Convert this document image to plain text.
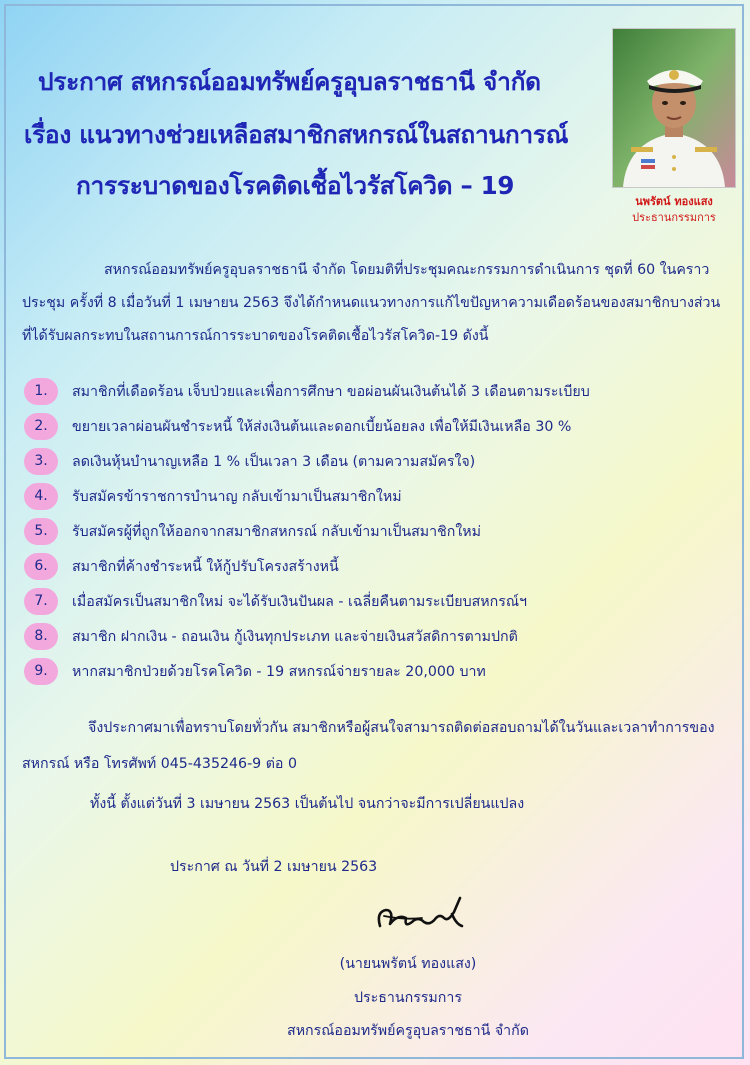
ประกาศ สหกรณ์ออมทรัพย์ครูอุบลราชธานี จำกัด
เรื่อง แนวทางช่วยเหลือสมาชิกสหกรณ์ในสถานการณ์
การระบาดของโรคติดเชื้อไวรัสโควิด – 19
นพรัตน์ ทองแสง
ประธานกรรมการ

สหกรณ์ออมทรัพย์ครูอุบลราชธานี จำกัด โดยมติที่ประชุมคณะกรรมการดำเนินการ ชุดที่ 60 ในคราวประชุม ครั้งที่ 8 เมื่อวันที่ 1 เมษายน 2563 จึงได้กำหนดแนวทางการแก้ไขปัญหาความเดือดร้อนของสมาชิกบางส่วน ที่ได้รับผลกระทบในสถานการณ์การระบาดของโรคติดเชื้อไวรัสโควิด-19 ดังนี้

1.	สมาชิกที่เดือดร้อน เจ็บป่วยและเพื่อการศึกษา ขอผ่อนผันเงินต้นได้ 3 เดือนตามระเบียบ
2.	ขยายเวลาผ่อนผันชำระหนี้ ให้ส่งเงินต้นและดอกเบี้ยน้อยลง เพื่อให้มีเงินเหลือ 30 %
3.	ลดเงินหุ้นบำนาญเหลือ 1 % เป็นเวลา 3 เดือน (ตามความสมัครใจ)
4.	รับสมัครข้าราชการบำนาญ กลับเข้ามาเป็นสมาชิกใหม่
5.	รับสมัครผู้ที่ถูกให้ออกจากสมาชิกสหกรณ์ กลับเข้ามาเป็นสมาชิกใหม่
6.	สมาชิกที่ค้างชำระหนี้ ให้กู้ปรับโครงสร้างหนี้
7.	เมื่อสมัครเป็นสมาชิกใหม่ จะได้รับเงินปันผล - เฉลี่ยคืนตามระเบียบสหกรณ์ฯ
8.	สมาชิก ฝากเงิน - ถอนเงิน กู้เงินทุกประเภท และจ่ายเงินสวัสดิการตามปกติ
9.	หากสมาชิกป่วยด้วยโรคโควิด - 19 สหกรณ์จ่ายรายละ 20,000 บาท

จึงประกาศมาเพื่อทราบโดยทั่วกัน สมาชิกหรือผู้สนใจสามารถติดต่อสอบถามได้ในวันและเวลาทำการของสหกรณ์ หรือ โทรศัพท์ 045-435246-9 ต่อ 0

ทั้งนี้ ตั้งแต่วันที่ 3 เมษายน 2563 เป็นต้นไป จนกว่าจะมีการเปลี่ยนแปลง
ประกาศ ณ วันที่ 2 เมษายน 2563
(นายนพรัตน์ ทองแสง)
ประธานกรรมการ
สหกรณ์ออมทรัพย์ครูอุบลราชธานี จำกัด
